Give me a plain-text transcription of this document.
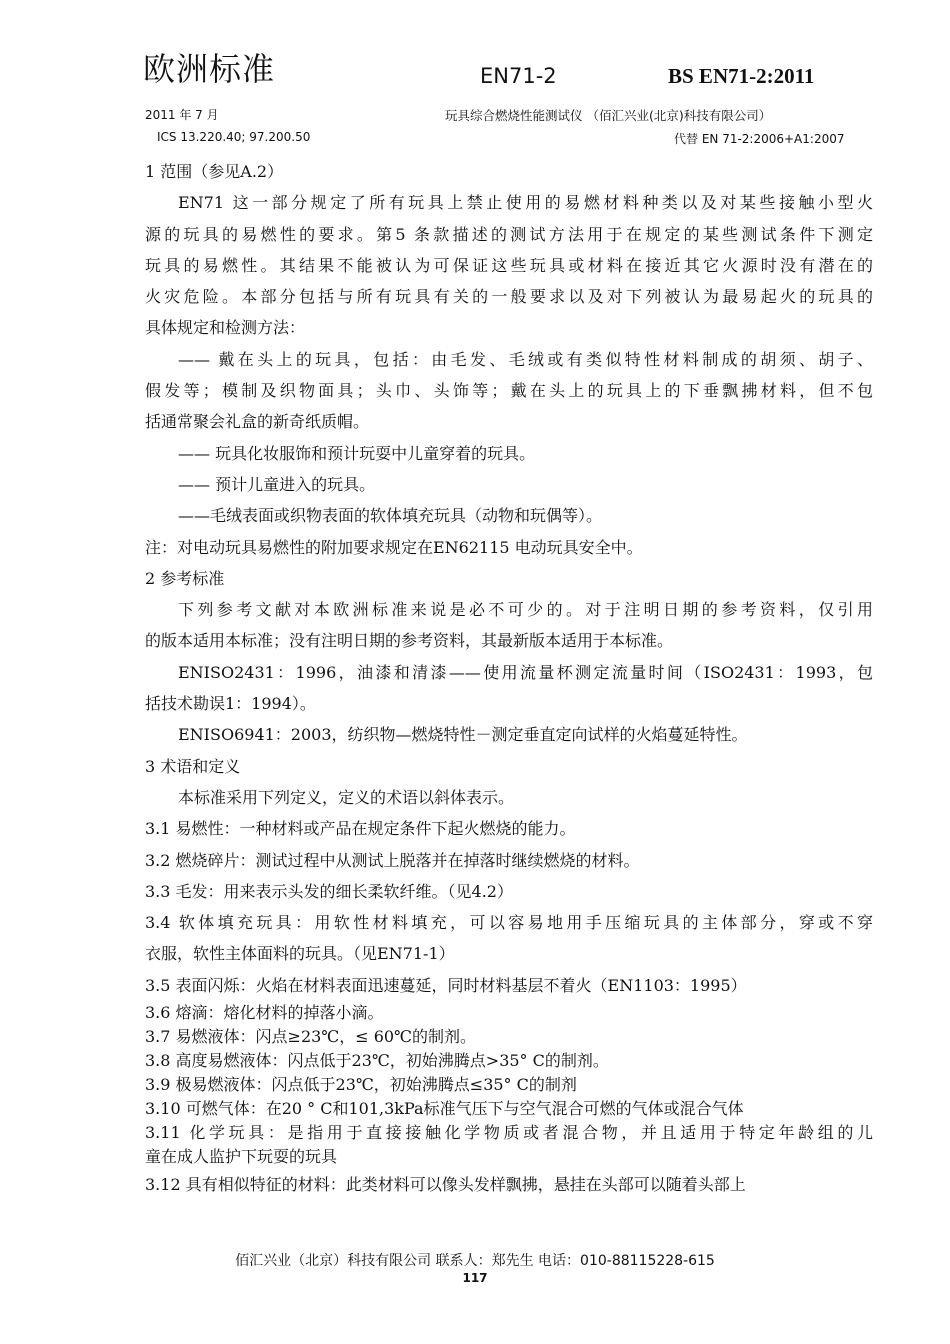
欧洲标准	EN71-2	BS EN71-2:2011
2011 年 7 月	玩具综合燃烧性能测试仪 （佰汇兴业(北京)科技有限公司）
ICS 13.220.40; 97.200.50	代替 EN 71-2:2006+A1:2007
1 范围（参见A.2）
EN71 这一部分规定了所有玩具上禁止使用的易燃材料种类以及对某些接触小型火
源的玩具的易燃性的要求。第5 条款描述的测试方法用于在规定的某些测试条件下测定
玩具的易燃性。其结果不能被认为可保证这些玩具或材料在接近其它火源时没有潜在的
火灾危险。本部分包括与所有玩具有关的一般要求以及对下列被认为最易起火的玩具的
具体规定和检测方法：
—— 戴在头上的玩具，包括：由毛发、毛绒或有类似特性材料制成的胡须、胡子、
假发等；模制及织物面具；头巾、头饰等；戴在头上的玩具上的下垂飘拂材料，但不包
括通常聚会礼盒的新奇纸质帽。
—— 玩具化妆服饰和预计玩耍中儿童穿着的玩具。
—— 预计儿童进入的玩具。
——毛绒表面或织物表面的软体填充玩具（动物和玩偶等）。
注：对电动玩具易燃性的附加要求规定在EN62115 电动玩具安全中。
2 参考标准
下列参考文献对本欧洲标准来说是必不可少的。对于注明日期的参考资料，仅引用
的版本适用本标准；没有注明日期的参考资料，其最新版本适用于本标准。
ENISO2431：1996，油漆和清漆——使用流量杯测定流量时间（ISO2431：1993，包
括技术勘误1：1994）。
ENISO6941：2003，纺织物—燃烧特性－测定垂直定向试样的火焰蔓延特性。
3 术语和定义
本标准采用下列定义，定义的术语以斜体表示。
3.1 易燃性：一种材料或产品在规定条件下起火燃烧的能力。
3.2 燃烧碎片：测试过程中从测试上脱落并在掉落时继续燃烧的材料。
3.3 毛发：用来表示头发的细长柔软纤维。（见4.2）
3.4 软体填充玩具：用软性材料填充，可以容易地用手压缩玩具的主体部分，穿或不穿
衣服，软性主体面料的玩具。（见EN71-1）
3.5 表面闪烁：火焰在材料表面迅速蔓延，同时材料基层不着火（EN1103：1995）
3.6 熔滴：熔化材料的掉落小滴。
3.7 易燃液体：闪点≥23℃，≤ 60℃的制剂。
3.8 高度易燃液体：闪点低于23℃，初始沸腾点>35° C的制剂。
3.9 极易燃液体：闪点低于23℃，初始沸腾点≤35° C的制剂
3.10 可燃气体：在20 ° C和101,3kPa标准气压下与空气混合可燃的气体或混合气体
3.11 化学玩具：是指用于直接接触化学物质或者混合物，并且适用于特定年龄组的儿
童在成人监护下玩耍的玩具
3.12 具有相似特征的材料：此类材料可以像头发样飘拂，悬挂在头部可以随着头部上
佰汇兴业（北京）科技有限公司 联系人：郑先生 电话：010-88115228-615
117
